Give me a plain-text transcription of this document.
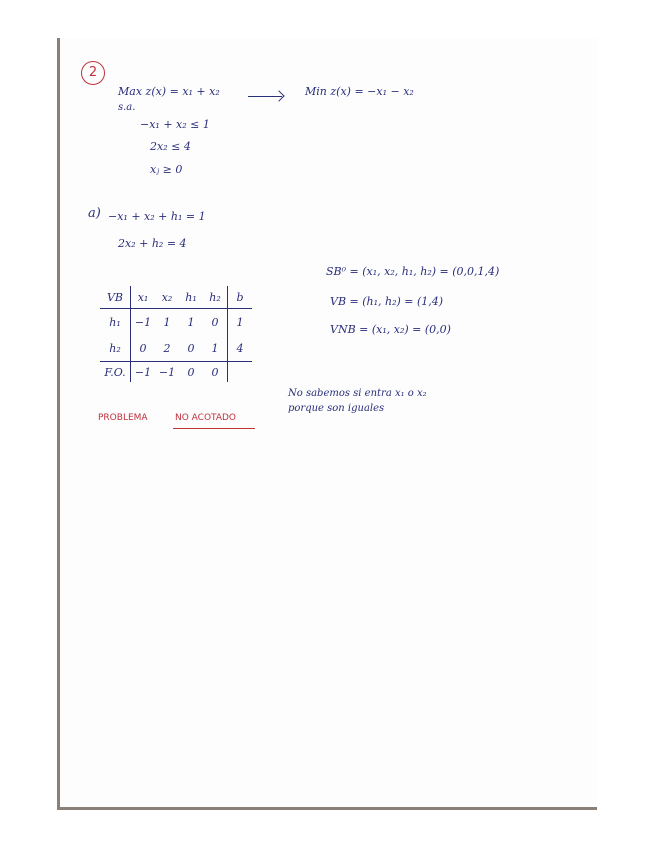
2
Max z(x) = x₁ + x₂
s.a.
−x₁ + x₂ ≤ 1
2x₂ ≤ 4
xⱼ ≥ 0
Min z(x) = −x₁ − x₂
a) −x₁ + x₂ + h₁ = 1
2x₂ + h₂ = 4
VB	x₁	x₂	h₁	h₂	b
h₁	−1	1	1	0	1
h₂	0	2	0	1	4
F.O.	−1	−1	0	0	
SB⁰ = (x₁, x₂, h₁, h₂) = (0,0,1,4)
VB = (h₁, h₂) = (1,4)
VNB = (x₁, x₂) = (0,0)
No sabemos si entra x₁ o x₂
porque son iguales
PROBLEMA	NO ACOTADO
